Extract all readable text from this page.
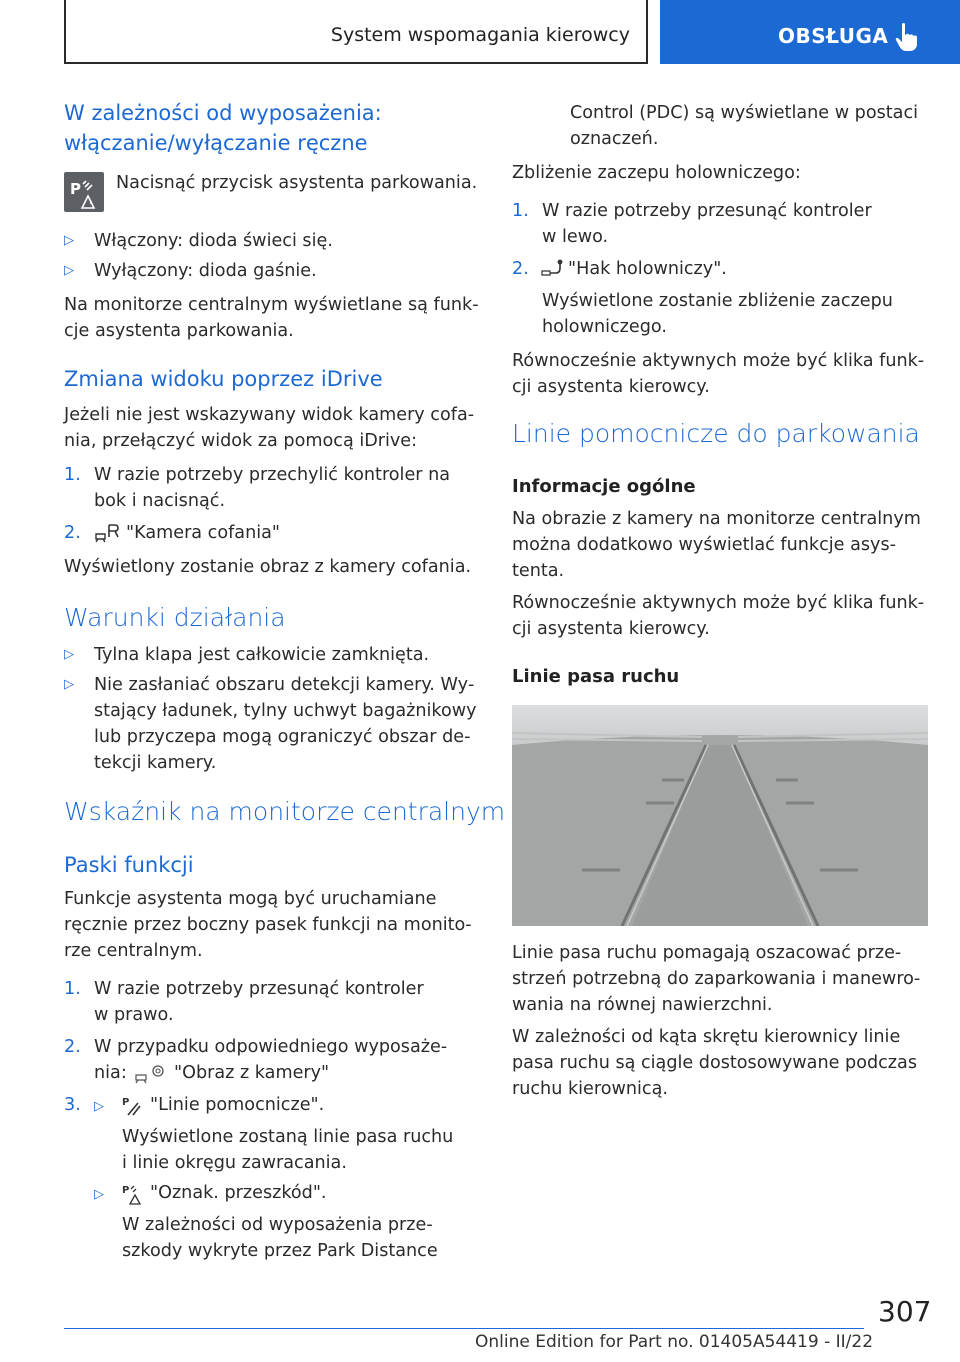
System wspomagania kierowcy	OBSŁUGA
W zależności od wyposażenia:
włączanie/wyłączanie ręczne
P Nacisnąć przycisk asystenta parkowania.
▷ Włączony: dioda świeci się.
▷ Wyłączony: dioda gaśnie.
Na monitorze centralnym wyświetlane są funk‐
cje asystenta parkowania.
Zmiana widoku poprzez iDrive
Jeżeli nie jest wskazywany widok kamery cofa‐
nia, przełączyć widok za pomocą iDrive:
1. W razie potrzeby przechylić kontroler na
bok i nacisnąć.
2.	"Kamera cofania"
Wyświetlony zostanie obraz z kamery cofania.
Warunki działania
▷ Tylna klapa jest całkowicie zamknięta.
▷ Nie zasłaniać obszaru detekcji kamery. Wy‐
stający ładunek, tylny uchwyt bagażnikowy
lub przyczepa mogą ograniczyć obszar de‐
tekcji kamery.
Wskaźnik na monitorze centralnym
Paski funkcji
Funkcje asystenta mogą być uruchamiane
ręcznie przez boczny pasek funkcji na monito‐
rze centralnym.
1. W razie potrzeby przesunąć kontroler
w prawo.
2. W przypadku odpowiedniego wyposaże‐
nia:	"Obraz z kamery"
3. ▷ P "Linie pomocnicze".
Wyświetlone zostaną linie pasa ruchu
i linie okręgu zawracania.
▷ P "Oznak. przeszkód".
W zależności od wyposażenia prze‐
szkody wykryte przez Park Distance
Control (PDC) są wyświetlane w postaci
oznaczeń.
Zbliżenie zaczepu holowniczego:
1. W razie potrzeby przesunąć kontroler
w lewo.
2. "Hak holowniczy".
Wyświetlone zostanie zbliżenie zaczepu
holowniczego.
Równocześnie aktywnych może być klika funk‐
cji asystenta kierowcy.
Linie pomocnicze do parkowania
Informacje ogólne
Na obrazie z kamery na monitorze centralnym
można dodatkowo wyświetlać funkcje asys‐
tenta.
Równocześnie aktywnych może być klika funk‐
cji asystenta kierowcy.
Linie pasa ruchu
Linie pasa ruchu pomagają oszacować prze‐
strzeń potrzebną do zaparkowania i manewro‐
wania na równej nawierzchni.
W zależności od kąta skrętu kierownicy linie
pasa ruchu są ciągle dostosowywane podczas
ruchu kierownicą.
307
Online Edition for Part no. 01405A54419 - II/22
